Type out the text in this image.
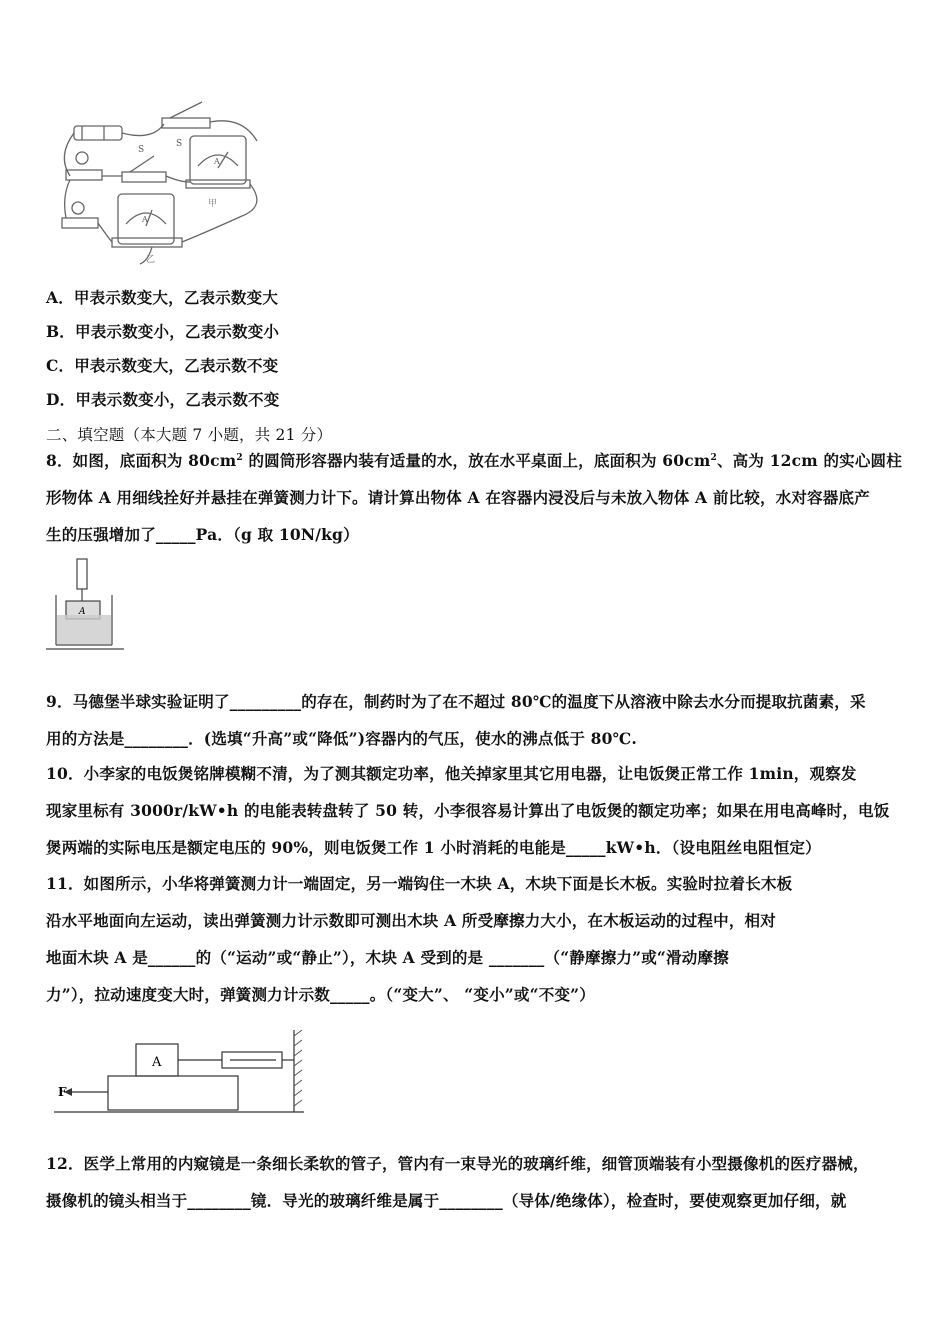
S
S
A
A
甲
乙
A．甲表示数变大，乙表示数变大
B．甲表示数变小，乙表示数变小
C．甲表示数变大，乙表示数不变
D．甲表示数变小，乙表示数不变
二、填空题（本大题 7 小题，共 21 分）
8．如图，底面积为 $80cm^2$ 的圆筒形容器内装有适量的水，放在水平桌面上，底面积为 $60cm^2$、高为 12cm 的实心圆柱
形物体 A 用细线拴好并悬挂在弹簧测力计下。请计算出物体 A 在容器内浸没后与未放入物体 A 前比较，水对容器底产
生的压强增加了_____Pa．（g 取 10N/kg）
A
9．马德堡半球实验证明了_________的存在，制药时为了在不超过 80℃的温度下从溶液中除去水分而提取抗菌素，采
用的方法是________．(选填“升高”或“降低”)容器内的气压，使水的沸点低于 80℃.
10．小李家的电饭煲铭牌模糊不清，为了测其额定功率，他关掉家里其它用电器，让电饭煲正常工作 1min，观察发
现家里标有 3000r/kW•h 的电能表转盘转了 50 转，小李很容易计算出了电饭煲的额定功率；如果在用电高峰时，电饭
煲两端的实际电压是额定电压的 90%，则电饭煲工作 1 小时消耗的电能是_____kW•h．（设电阻丝电阻恒定）
11．如图所示，小华将弹簧测力计一端固定，另一端钩住一木块 A，木块下面是长木板。实验时拉着长木板
沿水平地面向左运动，读出弹簧测力计示数即可测出木块 A 所受摩擦力大小，在木板运动的过程中，相对
地面木块 A 是______的（“运动”或“静止”），木块 A 受到的是 _______（“静摩擦力”或“滑动摩擦
力”），拉动速度变大时，弹簧测力计示数_____。（“变大”、 “变小”或“不变”）
A
F
12．医学上常用的内窥镜是一条细长柔软的管子，管内有一束导光的玻璃纤维，细管顶端装有小型摄像机的医疗器械，
摄像机的镜头相当于________镜．导光的玻璃纤维是属于________（导体/绝缘体），检查时，要使观察更加仔细，就
